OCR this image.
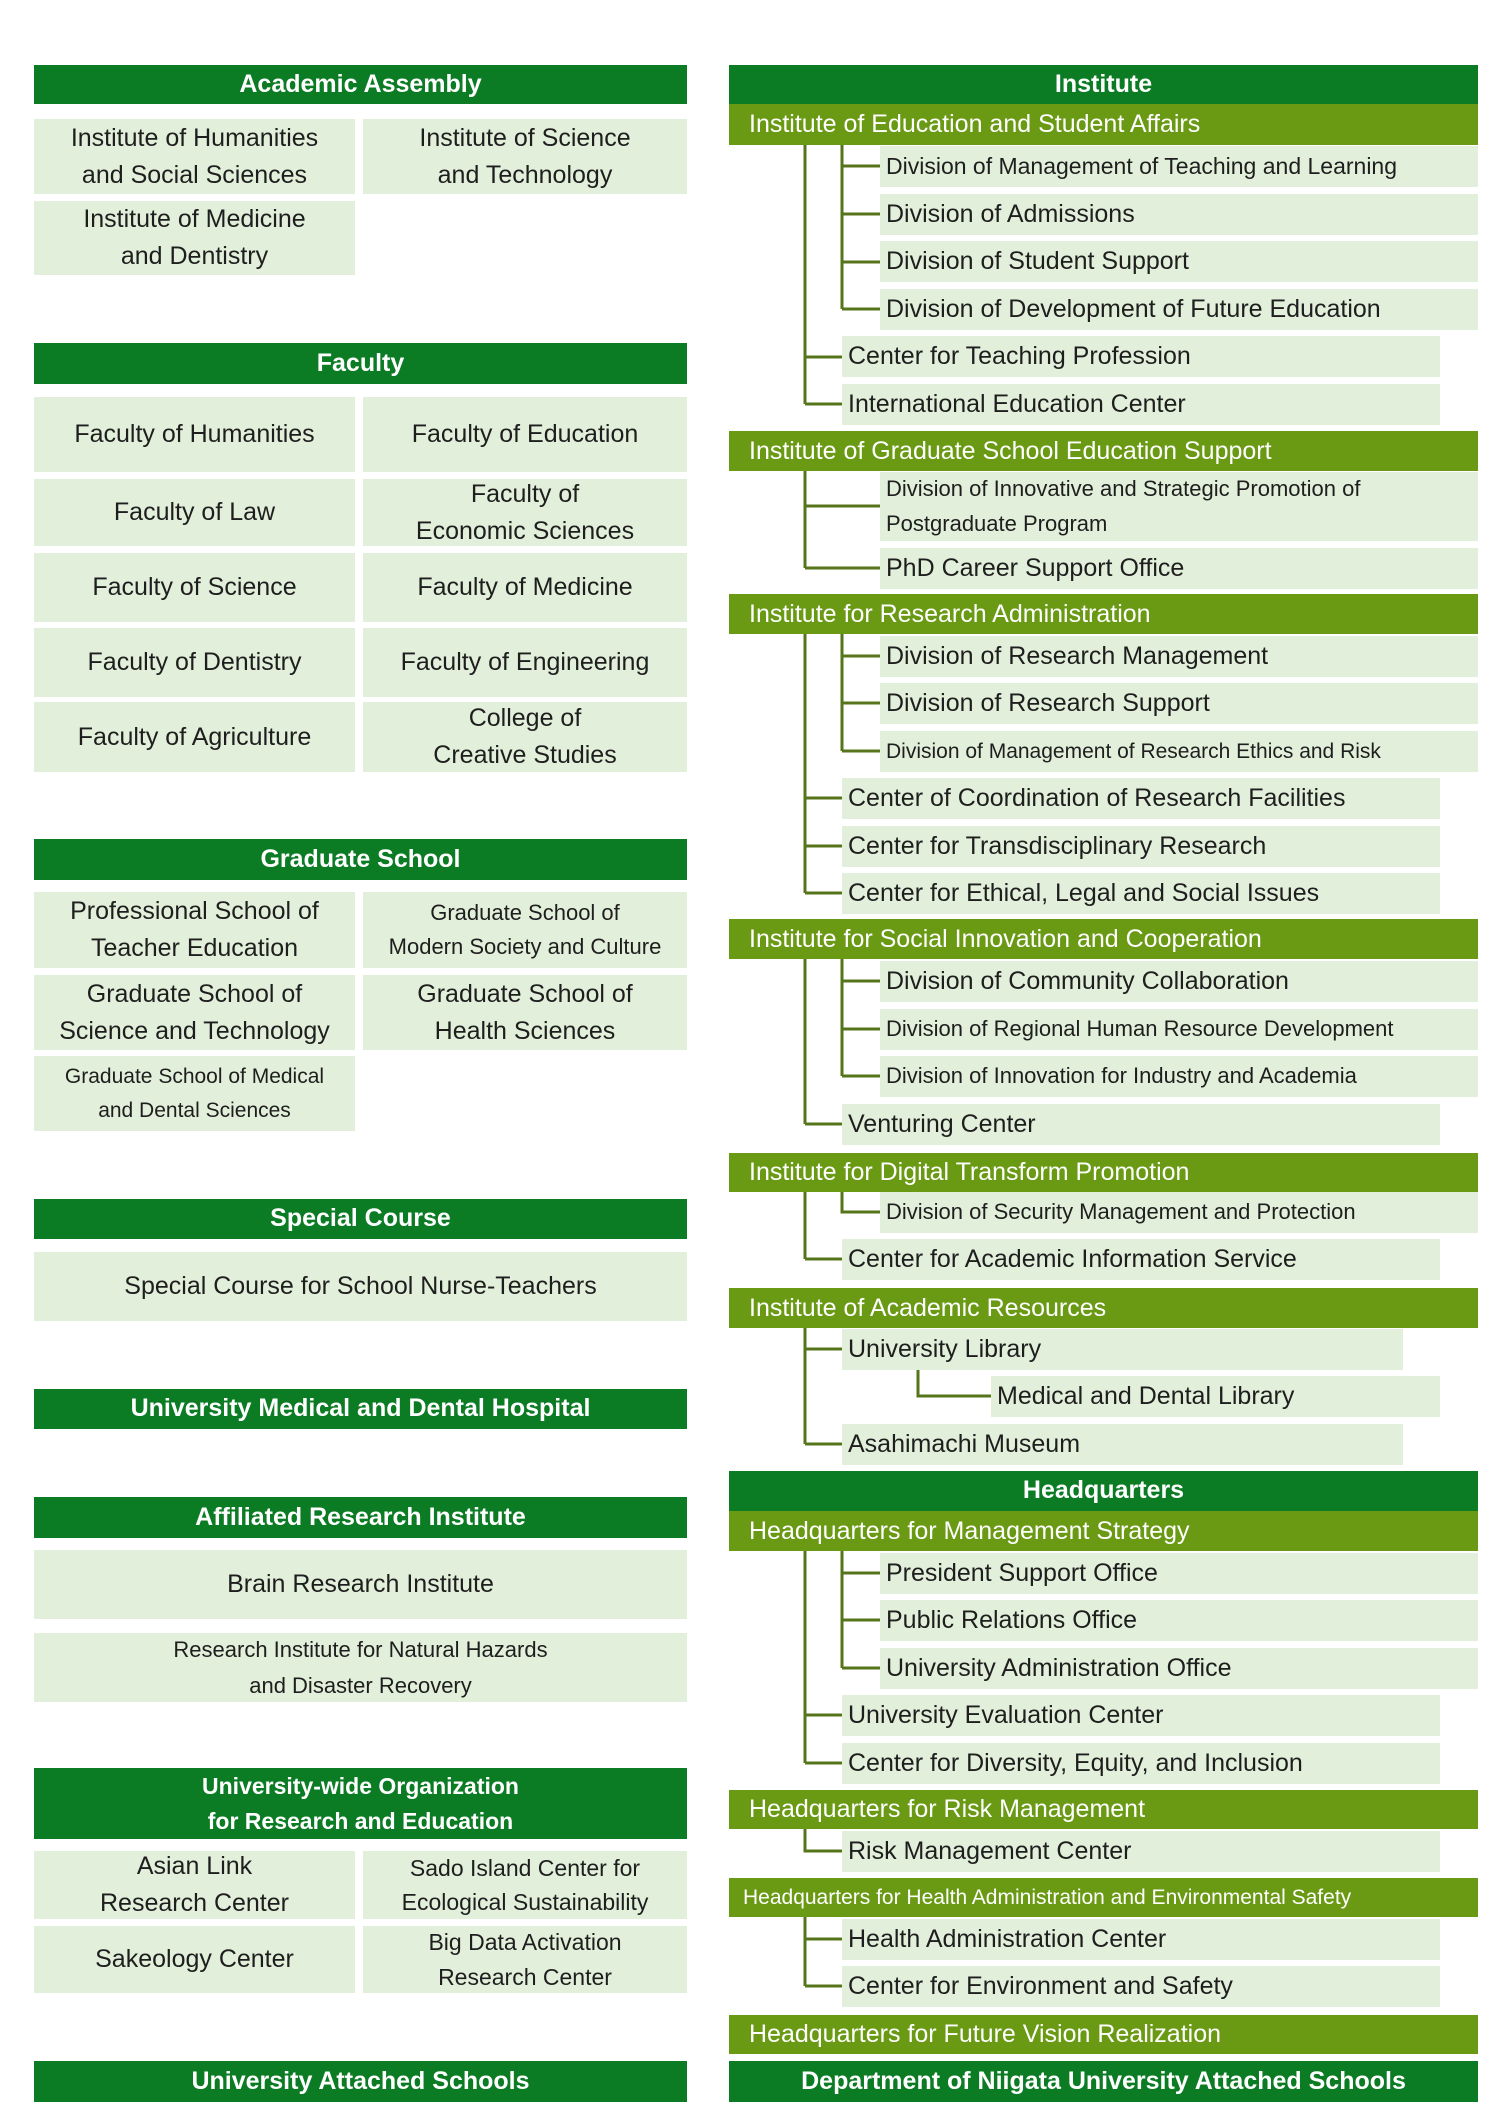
Academic Assembly
Institute of Humanities
and Social Sciences
Institute of Science
and Technology
Institute of Medicine
and Dentistry
Faculty
Faculty of Humanities	Faculty of Education
Faculty of Law
Faculty of
Economic Sciences
Faculty of Science	Faculty of Medicine
Faculty of Dentistry	Faculty of Engineering
Faculty of Agriculture
College of
Creative Studies
Graduate School
Professional School of
Teacher Education
Graduate School of
Modern Society and Culture
Graduate School of
Science and Technology
Graduate School of
Health Sciences
Graduate School of Medical
and Dental Sciences
Special Course
Special Course for School Nurse-Teachers
University Medical and Dental Hospital
Affiliated Research Institute
Brain Research Institute
Research Institute for Natural Hazards
and Disaster Recovery
University-wide Organization
for Research and Education
Asian Link
Research Center
Sado Island Center for
Ecological Sustainability
Sakeology Center
Big Data Activation
Research Center
University Attached Schools
Institute
Institute of Education and Student Affairs
Division of Management of Teaching and Learning
Division of Admissions
Division of Student Support
Division of Development of Future Education
Center for Teaching Profession
International Education Center
Institute of Graduate School Education Support
Division of Innovative and Strategic Promotion of
Postgraduate Program
PhD Career Support Office
Institute for Research Administration
Division of Research Management
Division of Research Support
Division of Management of Research Ethics and Risk
Center of Coordination of Research Facilities
Center for Transdisciplinary Research
Center for Ethical, Legal and Social Issues
Institute for Social Innovation and Cooperation
Division of Community Collaboration
Division of Regional Human Resource Development
Division of Innovation for Industry and Academia
Venturing Center
Institute for Digital Transform Promotion
Division of Security Management and Protection
Center for Academic Information Service
Institute of Academic Resources
University Library
Medical and Dental Library
Asahimachi Museum
Headquarters
Headquarters for Management Strategy
President Support Office
Public Relations Office
University Administration Office
University Evaluation Center
Center for Diversity, Equity, and Inclusion
Headquarters for Risk Management
Risk Management Center
Headquarters for Health Administration and Environmental Safety
Health Administration Center
Center for Environment and Safety
Headquarters for Future Vision Realization
Department of Niigata University Attached Schools
